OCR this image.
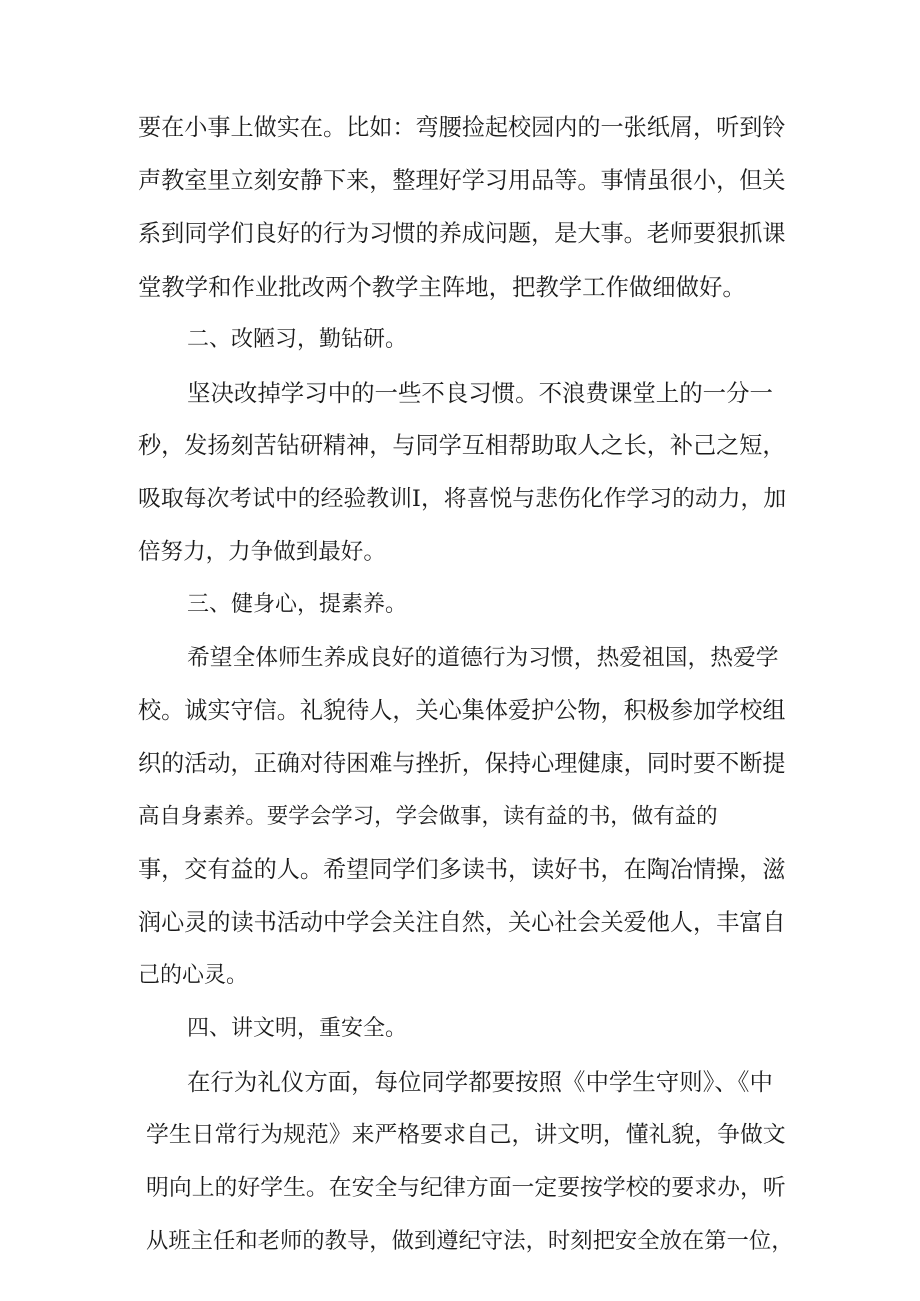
要在小事上做实在。比如：弯腰捡起校园内的一张纸屑，听到铃
声教室里立刻安静下来，整理好学习用品等。事情虽很小，但关
系到同学们良好的行为习惯的养成问题，是大事。老师要狠抓课
堂教学和作业批改两个教学主阵地，把教学工作做细做好。
二、改陋习，勤钻研。
坚决改掉学习中的一些不良习惯。不浪费课堂上的一分一
秒，发扬刻苦钻研精神，与同学互相帮助取人之长，补己之短，
吸取每次考试中的经验教训I，将喜悦与悲伤化作学习的动力，加
倍努力，力争做到最好。
三、健身心，提素养。
希望全体师生养成良好的道德行为习惯，热爱祖国，热爱学
校。诚实守信。礼貌待人，关心集体爱护公物，积极参加学校组
织的活动，正确对待困难与挫折，保持心理健康，同时要不断提
高自身素养。要学会学习，学会做事，读有益的书，做有益的
事，交有益的人。希望同学们多读书，读好书，在陶冶情操，滋
润心灵的读书活动中学会关注自然，关心社会关爱他人，丰富自
己的心灵。
四、讲文明，重安全。
在行为礼仪方面，每位同学都要按照《中学生守则》、《中
学生日常行为规范》来严格要求自己，讲文明，懂礼貌，争做文
明向上的好学生。在安全与纪律方面一定要按学校的要求办，听
从班主任和老师的教导，做到遵纪守法，时刻把安全放在第一位，
